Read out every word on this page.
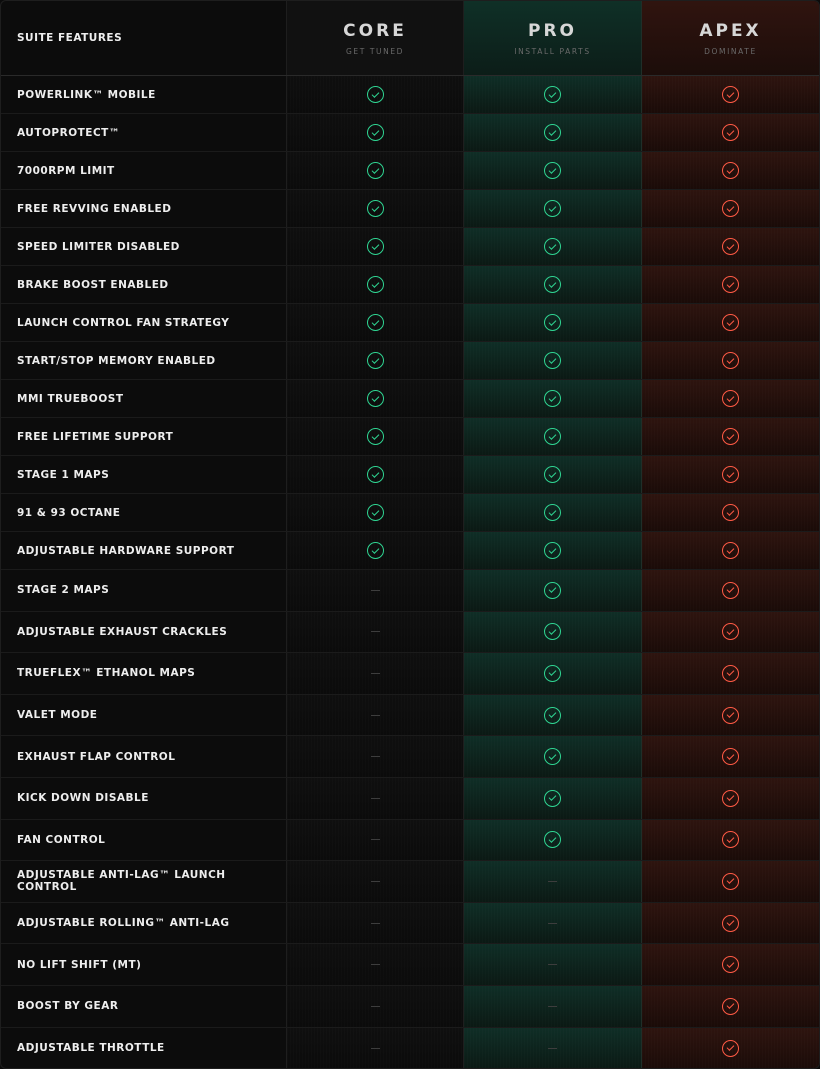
SUITE FEATURES	CORE
GET TUNED
PRO
INSTALL PARTS
APEX
DOMINATE
POWERLINK™ MOBILE
AUTOPROTECT™
7000RPM LIMIT
FREE REVVING ENABLED
SPEED LIMITER DISABLED
BRAKE BOOST ENABLED
LAUNCH CONTROL FAN STRATEGY
START/STOP MEMORY ENABLED
MMI TRUEBOOST
FREE LIFETIME SUPPORT
STAGE 1 MAPS
91 & 93 OCTANE
ADJUSTABLE HARDWARE SUPPORT
STAGE 2 MAPS
ADJUSTABLE EXHAUST CRACKLES
TRUEFLEX™ ETHANOL MAPS
VALET MODE
EXHAUST FLAP CONTROL
KICK DOWN DISABLE
FAN CONTROL
ADJUSTABLE ANTI-LAG™ LAUNCH CONTROL
ADJUSTABLE ROLLING™ ANTI-LAG
NO LIFT SHIFT (MT)
BOOST BY GEAR
ADJUSTABLE THROTTLE
